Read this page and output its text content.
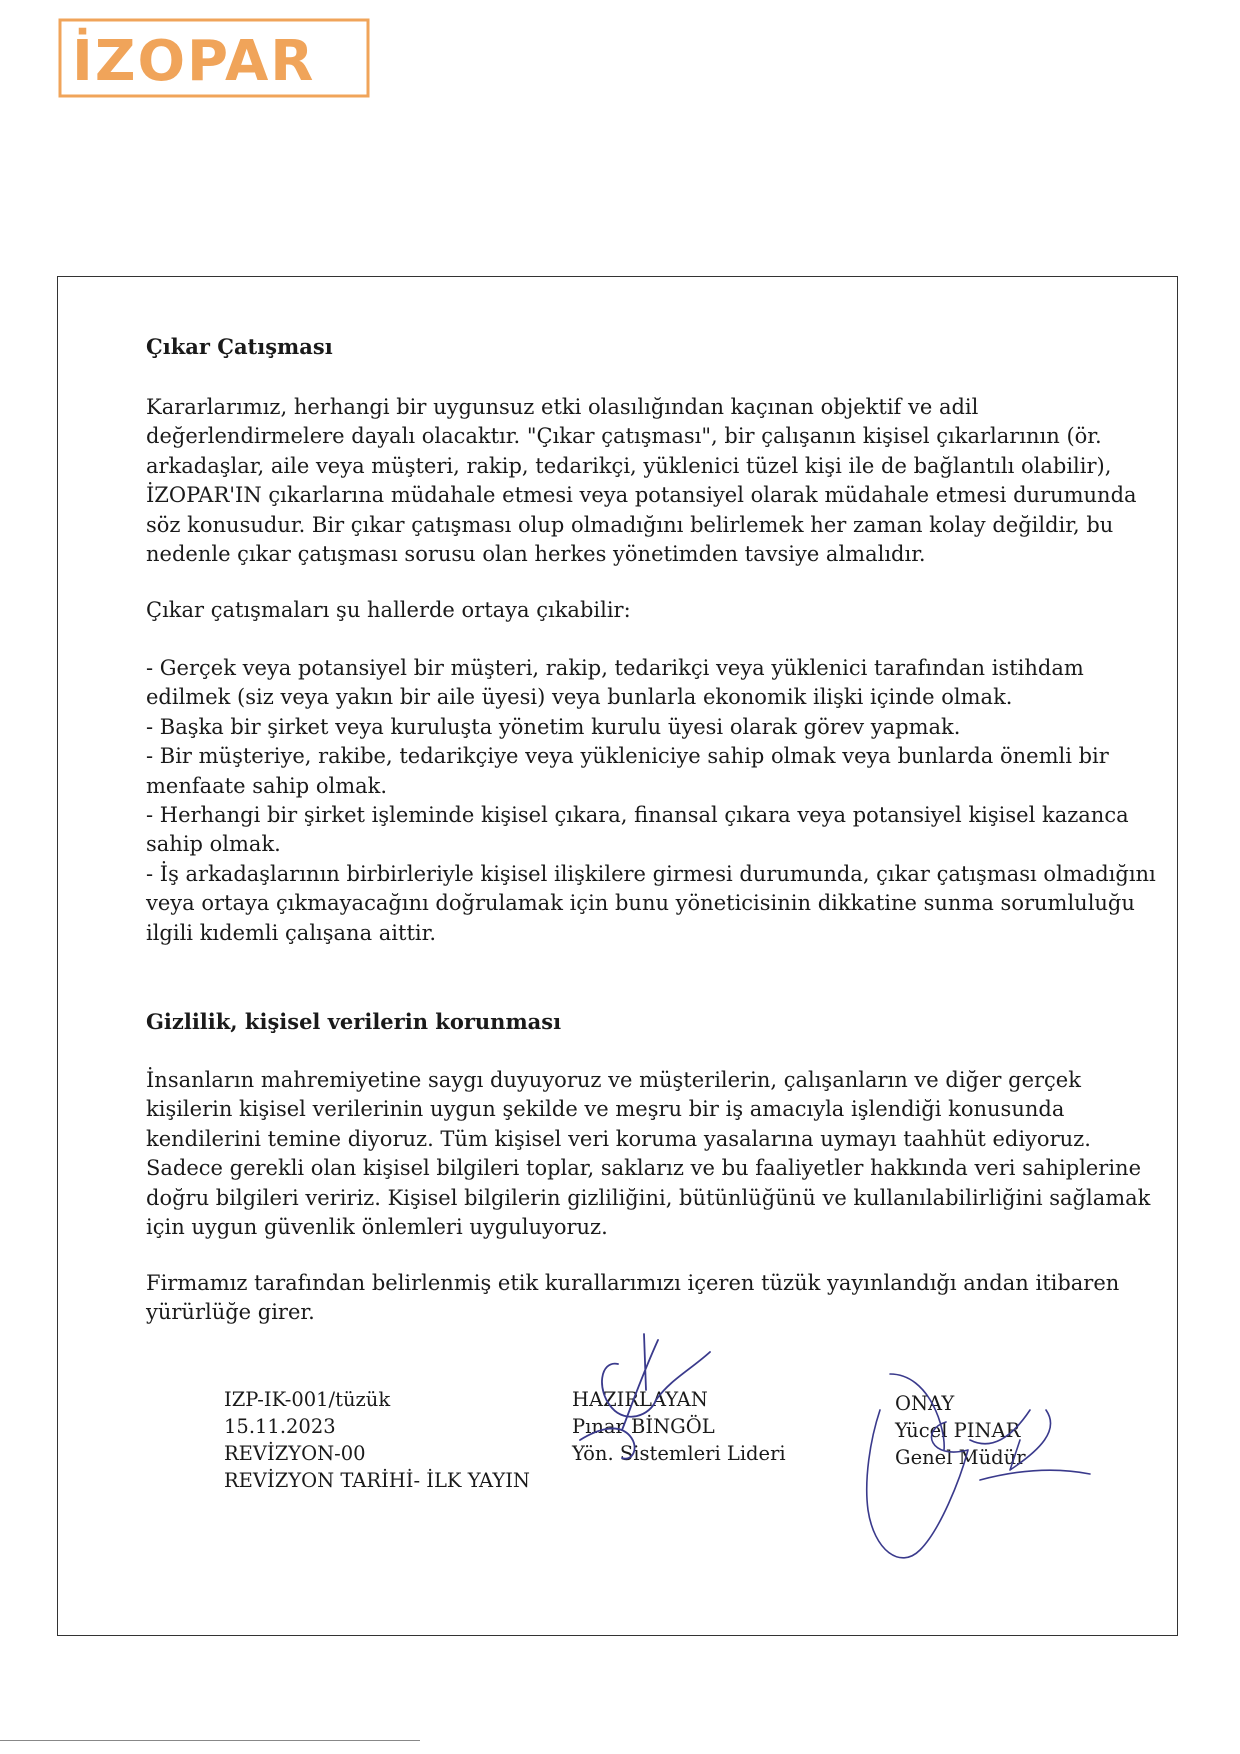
İZOPAR
Çıkar Çatışması
Kararlarımız, herhangi bir uygunsuz etki olasılığından kaçınan objektif ve adil
değerlendirmelere dayalı olacaktır. "Çıkar çatışması", bir çalışanın kişisel çıkarlarının (ör.
arkadaşlar, aile veya müşteri, rakip, tedarikçi, yüklenici tüzel kişi ile de bağlantılı olabilir),
İZOPAR'IN çıkarlarına müdahale etmesi veya potansiyel olarak müdahale etmesi durumunda
söz konusudur. Bir çıkar çatışması olup olmadığını belirlemek her zaman kolay değildir, bu
nedenle çıkar çatışması sorusu olan herkes yönetimden tavsiye almalıdır.
Çıkar çatışmaları şu hallerde ortaya çıkabilir:
- Gerçek veya potansiyel bir müşteri, rakip, tedarikçi veya yüklenici tarafından istihdam
edilmek (siz veya yakın bir aile üyesi) veya bunlarla ekonomik ilişki içinde olmak.
- Başka bir şirket veya kuruluşta yönetim kurulu üyesi olarak görev yapmak.
- Bir müşteriye, rakibe, tedarikçiye veya yükleniciye sahip olmak veya bunlarda önemli bir
menfaate sahip olmak.
- Herhangi bir şirket işleminde kişisel çıkara, finansal çıkara veya potansiyel kişisel kazanca
sahip olmak.
- İş arkadaşlarının birbirleriyle kişisel ilişkilere girmesi durumunda, çıkar çatışması olmadığını
veya ortaya çıkmayacağını doğrulamak için bunu yöneticisinin dikkatine sunma sorumluluğu
ilgili kıdemli çalışana aittir.
Gizlilik, kişisel verilerin korunması
İnsanların mahremiyetine saygı duyuyoruz ve müşterilerin, çalışanların ve diğer gerçek
kişilerin kişisel verilerinin uygun şekilde ve meşru bir iş amacıyla işlendiği konusunda
kendilerini temine diyoruz. Tüm kişisel veri koruma yasalarına uymayı taahhüt ediyoruz.
Sadece gerekli olan kişisel bilgileri toplar, saklarız ve bu faaliyetler hakkında veri sahiplerine
doğru bilgileri veririz. Kişisel bilgilerin gizliliğini, bütünlüğünü ve kullanılabilirliğini sağlamak
için uygun güvenlik önlemleri uyguluyoruz.
Firmamız tarafından belirlenmiş etik kurallarımızı içeren tüzük yayınlandığı andan itibaren
yürürlüğe girer.
IZP-IK-001/tüzük
15.11.2023
REVİZYON-00
REVİZYON TARİHİ- İLK YAYIN
HAZIRLAYAN
Pınar BİNGÖL
Yön. Sistemleri Lideri
ONAY
Yücel PINAR
Genel Müdür
